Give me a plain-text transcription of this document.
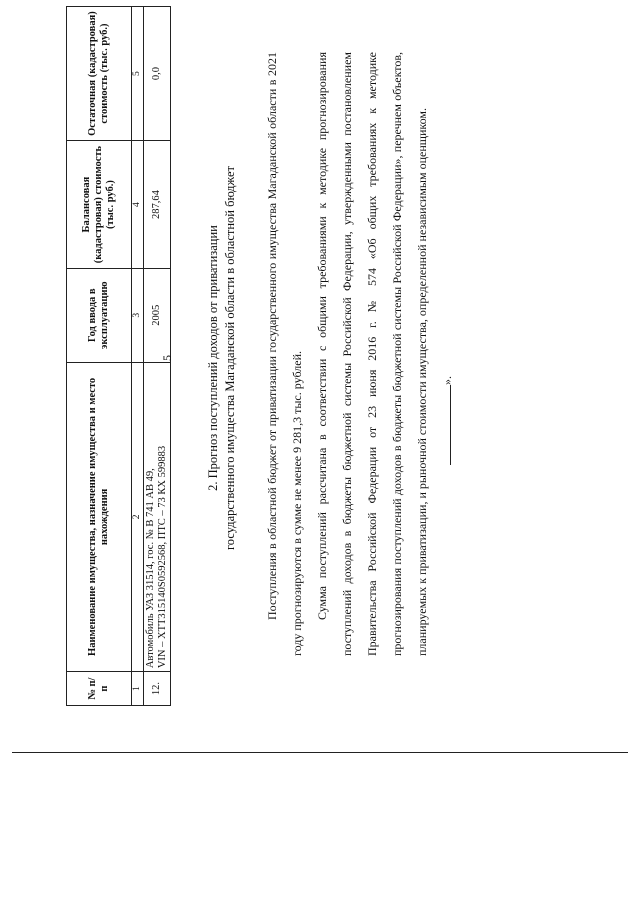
№ п/п	Наименование имущества, назначение имущества и место нахождения	Год ввода в эксплуатацию	Балансовая (кадастровая) стоимость (тыс. руб.)	Остаточная (кадастровая) стоимость (тыс. руб.)
1	2	3	4	5
12.	Автомобиль УАЗ 31514, гос. № В 741 АВ 49, VIN – XTT315140S0592568, ПТС – 73 КХ 599883	2005	287,64	0,0
5	2. Прогноз поступлений доходов от приватизации государственного имущества Магаданской области в областной бюджет	Поступления в областной бюджет от приватизации государственного имущества Магаданской области в 2021 году прогнозируются в сумме не менее 9 281,3 тыс. рублей. Сумма поступлений рассчитана в соответствии с общими требованиями к методике прогнозирования поступлений доходов в бюджеты бюджетной системы Российской Федерации, утвержденными постановлением Правительства Российской Федерации от 23 июня 2016 г. № 574 «Об общих требованиях к методике прогнозирования поступлений доходов в бюджеты бюджетной системы Российской Федерации», перечнем объектов, планируемых к приватизации, и рыночной стоимости имущества, определенной независимым оценщиком. ».
